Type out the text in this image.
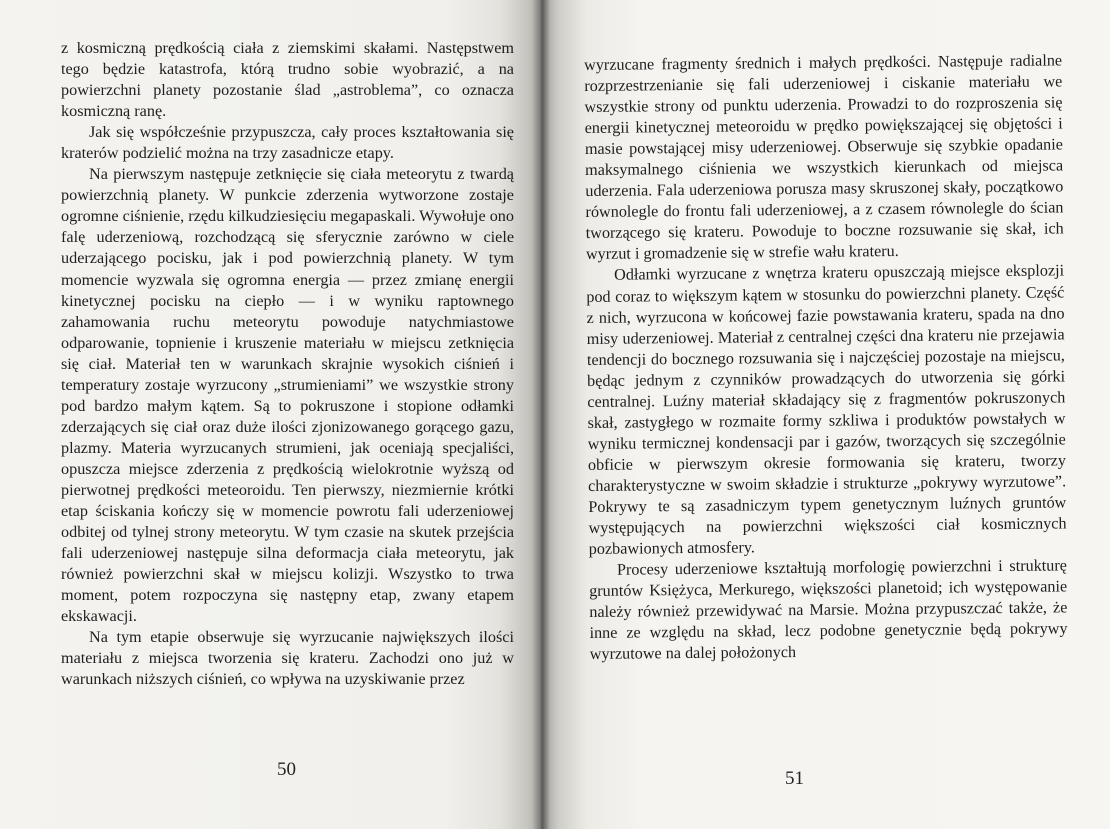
z kosmiczną prędkością ciała z ziemskimi skałami. Następstwem tego będzie katastrofa, którą trudno sobie wyobrazić, a na powierzchni planety pozostanie ślad „astroblema”, co oznacza kosmiczną ranę.

Jak się współcześnie przypuszcza, cały proces kształtowania się kraterów podzielić można na trzy zasadnicze etapy.

Na pierwszym następuje zetknięcie się ciała meteorytu z twardą powierzchnią planety. W punkcie zderzenia wytworzone zostaje ogromne ciśnienie, rzędu kilkudziesięciu megapaskali. Wywołuje ono falę uderzeniową, rozchodzącą się sferycznie zarówno w ciele uderzającego pocisku, jak i pod powierzchnią planety. W tym momencie wyzwala się ogromna energia — przez zmianę energii kinetycznej pocisku na ciepło — i w wyniku raptownego zahamowania ruchu meteorytu powoduje natychmiastowe odparowanie, topnienie i kruszenie materiału w miejscu zetknięcia się ciał. Materiał ten w warunkach skrajnie wysokich ciśnień i temperatury zostaje wyrzucony „strumieniami” we wszystkie strony pod bardzo małym kątem. Są to pokruszone i stopione odłamki zderzających się ciał oraz duże ilości zjonizowanego gorącego gazu, plazmy. Materia wyrzucanych strumieni, jak oceniają specjaliści, opuszcza miejsce zderzenia z prędkością wielokrotnie wyższą od pierwotnej prędkości meteoroidu. Ten pierwszy, niezmiernie krótki etap ściskania kończy się w momencie powrotu fali uderzeniowej odbitej od tylnej strony meteorytu. W tym czasie na skutek przejścia fali uderzeniowej następuje silna deformacja ciała meteorytu, jak również powierzchni skał w miejscu kolizji. Wszystko to trwa moment, potem rozpoczyna się następny etap, zwany etapem ekskawacji.

Na tym etapie obserwuje się wyrzucanie największych ilości materiału z miejsca tworzenia się krateru. Zachodzi ono już w warunkach niższych ciśnień, co wpływa na uzyskiwanie przez

50

wyrzucane fragmenty średnich i małych prędkości. Następuje radialne rozprzestrzenianie się fali uderzeniowej i ciskanie materiału we wszystkie strony od punktu uderzenia. Prowadzi to do rozproszenia się energii kinetycznej meteoroidu w prędko powiększającej się objętości i masie powstającej misy uderzeniowej. Obserwuje się szybkie opadanie maksymalnego ciśnienia we wszystkich kierunkach od miejsca uderzenia. Fala uderzeniowa porusza masy skruszonej skały, początkowo równolegle do frontu fali uderzeniowej, a z czasem równolegle do ścian tworzącego się krateru. Powoduje to boczne rozsuwanie się skał, ich wyrzut i gromadzenie się w strefie wału krateru.

Odłamki wyrzucane z wnętrza krateru opuszczają miejsce eksplozji pod coraz to większym kątem w stosunku do powierzchni planety. Część z nich, wyrzucona w końcowej fazie powstawania krateru, spada na dno misy uderzeniowej. Materiał z centralnej części dna krateru nie przejawia tendencji do bocznego rozsuwania się i najczęściej pozostaje na miejscu, będąc jednym z czynników prowadzących do utworzenia się górki centralnej. Luźny materiał składający się z fragmentów pokruszonych skał, zastygłego w rozmaite formy szkliwa i produktów powstałych w wyniku termicznej kondensacji par i gazów, tworzących się szczególnie obficie w pierwszym okresie formowania się krateru, tworzy charakterystyczne w swoim składzie i strukturze „pokrywy wyrzutowe”. Pokrywy te są zasadniczym typem genetycznym luźnych gruntów występujących na powierzchni większości ciał kosmicznych pozbawionych atmosfery.

Procesy uderzeniowe kształtują morfologię powierzchni i strukturę gruntów Księżyca, Merkurego, większości planetoid; ich występowanie należy również przewidywać na Marsie. Można przypuszczać także, że inne ze względu na skład, lecz podobne genetycznie będą pokrywy wyrzutowe na dalej położonych

51
